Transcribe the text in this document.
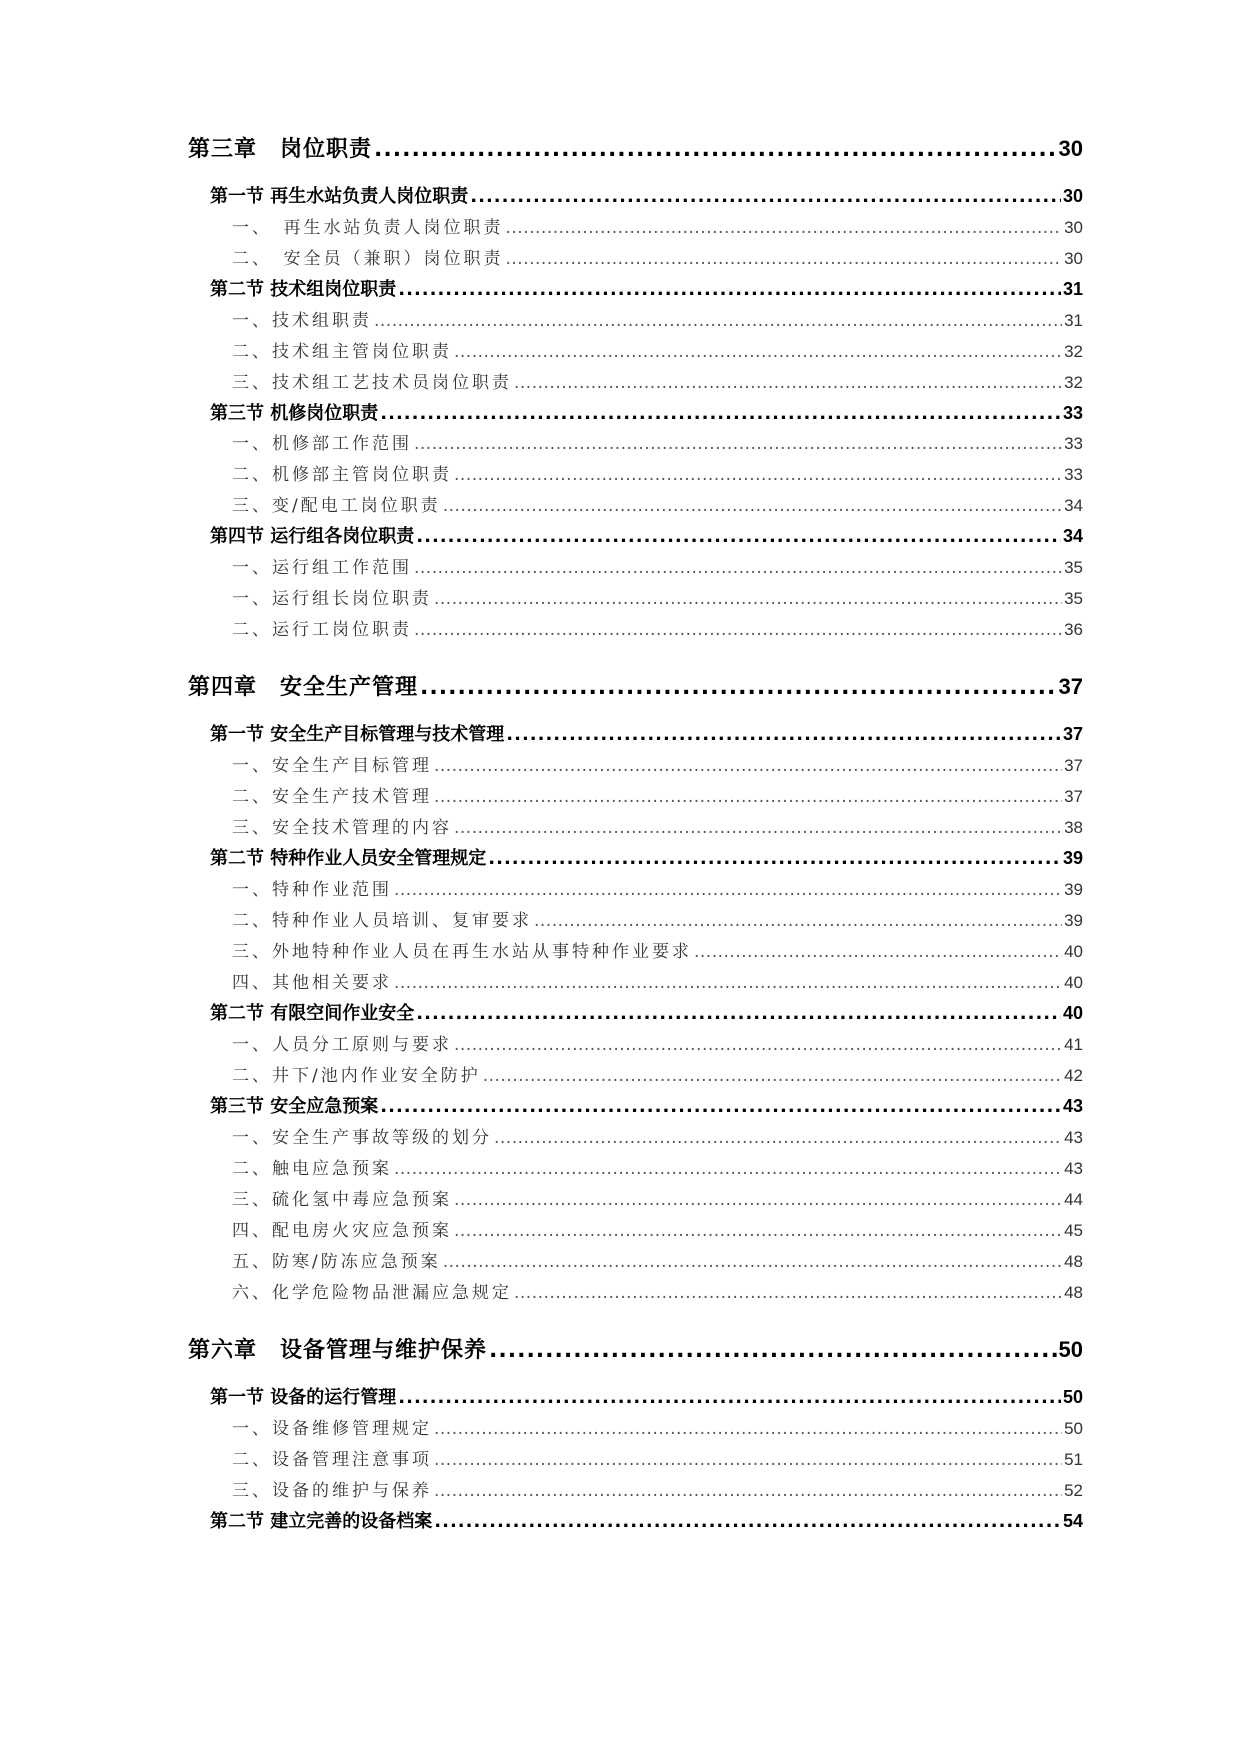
第三章　岗位职责 .....	30
第一节 再生水站负责人岗位职责 .....	30
一、　再生水站负责人岗位职责 .....	30
二、　安全员（兼职）岗位职责 .....	30
第二节 技术组岗位职责 .....	31
一、技术组职责 .....	31
二、技术组主管岗位职责 .....	32
三、技术组工艺技术员岗位职责 .....	32
第三节 机修岗位职责 .....	33
一、机修部工作范围 .....	33
二、机修部主管岗位职责 .....	33
三、变/配电工岗位职责 .....	34
第四节 运行组各岗位职责 .....	34
一、运行组工作范围 .....	35
一、运行组长岗位职责 .....	35
二、运行工岗位职责 .....	36
第四章　安全生产管理 .....	37
第一节 安全生产目标管理与技术管理 .....	37
一、安全生产目标管理 .....	37
二、安全生产技术管理 .....	37
三、安全技术管理的内容 .....	38
第二节 特种作业人员安全管理规定 .....	39
一、特种作业范围 .....	39
二、特种作业人员培训、复审要求 .....	39
三、外地特种作业人员在再生水站从事特种作业要求 .....	40
四、其他相关要求 .....	40
第二节 有限空间作业安全 .....	40
一、人员分工原则与要求 .....	41
二、井下/池内作业安全防护 .....	42
第三节 安全应急预案 .....	43
一、安全生产事故等级的划分 .....	43
二、触电应急预案 .....	43
三、硫化氢中毒应急预案 .....	44
四、配电房火灾应急预案 .....	45
五、防寒/防冻应急预案 .....	48
六、化学危险物品泄漏应急规定 .....	48
第六章　设备管理与维护保养 .....	50
第一节 设备的运行管理 .....	50
一、设备维修管理规定 .....	50
二、设备管理注意事项 .....	51
三、设备的维护与保养 .....	52
第二节 建立完善的设备档案 .....	54
